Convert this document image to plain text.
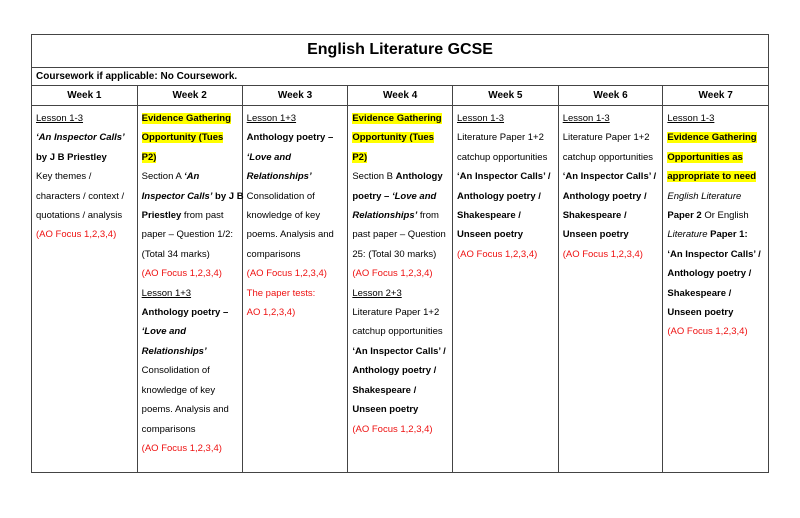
English Literature GCSE
Coursework if applicable: No Coursework.
Week 1
Lesson 1-3
‘An Inspector Calls’
by J B Priestley
Key themes /
characters / context /
quotations / analysis
(AO Focus 1,2,3,4)
Week 2
Evidence Gathering
Opportunity (Tues
P2)
Section A ‘An
Inspector Calls’ by J B
Priestley from past
paper – Question 1/2:
(Total 34 marks)
(AO Focus 1,2,3,4)
Lesson 1+3
Anthology poetry –
‘Love and
Relationships’
Consolidation of
knowledge of key
poems. Analysis and
comparisons
(AO Focus 1,2,3,4)
Week 3
Lesson 1+3
Anthology poetry –
‘Love and
Relationships’
Consolidation of
knowledge of key
poems. Analysis and
comparisons
(AO Focus 1,2,3,4)
The paper tests:
AO 1,2,3,4)
Week 4
Evidence Gathering
Opportunity (Tues
P2)
Section B Anthology
poetry – ‘Love and
Relationships’ from
past paper – Question
25: (Total 30 marks)
(AO Focus 1,2,3,4)
Lesson 2+3
Literature Paper 1+2
catchup opportunities
‘An Inspector Calls’ /
Anthology poetry /
Shakespeare /
Unseen poetry
(AO Focus 1,2,3,4)
Week 5
Lesson 1-3
Literature Paper 1+2
catchup opportunities
‘An Inspector Calls’ /
Anthology poetry /
Shakespeare /
Unseen poetry
(AO Focus 1,2,3,4)
Week 6
Lesson 1-3
Literature Paper 1+2
catchup opportunities
‘An Inspector Calls’ /
Anthology poetry /
Shakespeare /
Unseen poetry
(AO Focus 1,2,3,4)
Week 7
Lesson 1-3
Evidence Gathering
Opportunities as
appropriate to need
English Literature
Paper 2 Or English
Literature Paper 1:
‘An Inspector Calls’ /
Anthology poetry /
Shakespeare /
Unseen poetry
(AO Focus 1,2,3,4)
